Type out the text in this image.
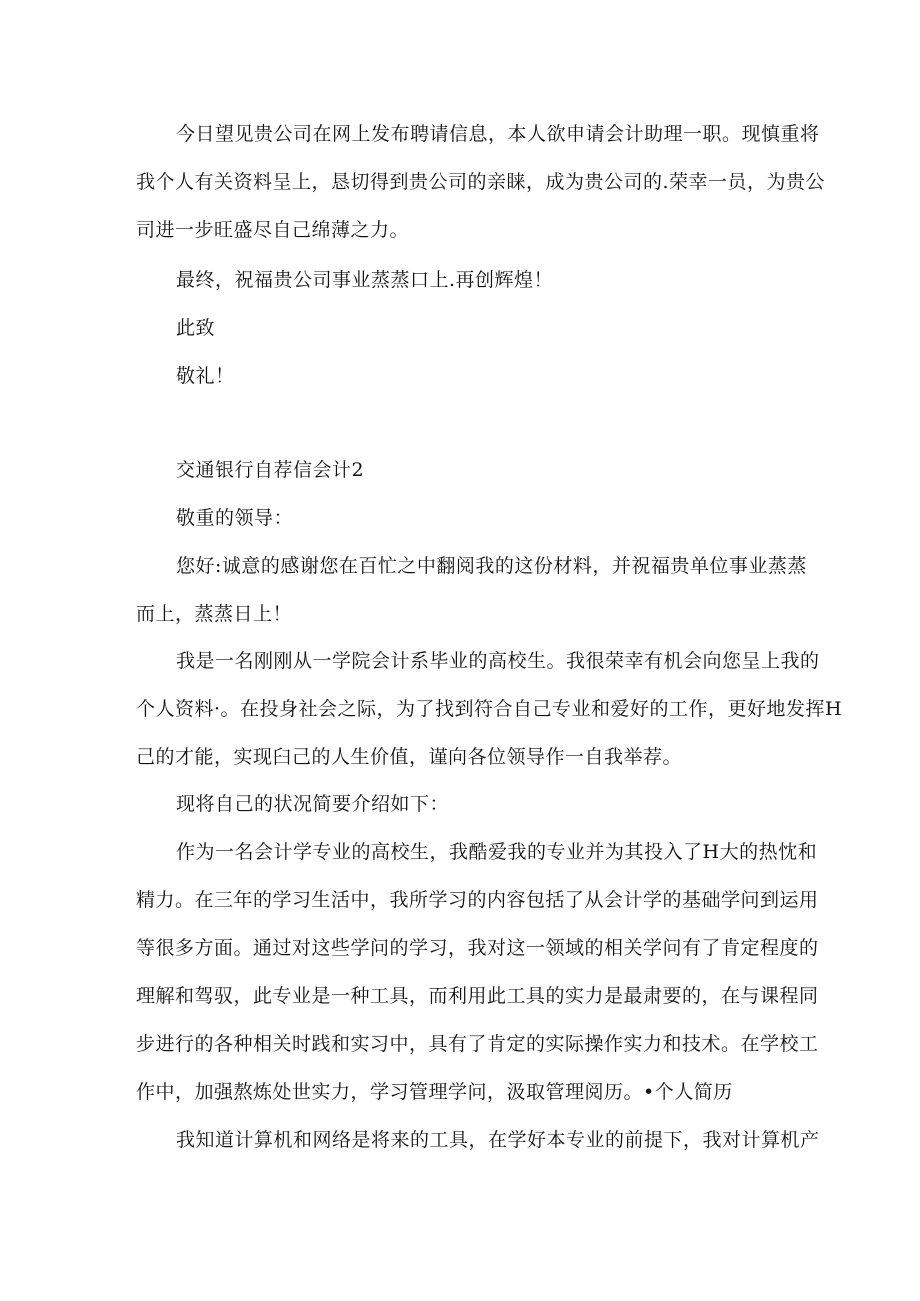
今日望见贵公司在网上发布聘请信息，本人欲申请会计助理一职。现慎重将
我个人有关资料呈上，恳切得到贵公司的亲睐，成为贵公司的.荣幸一员，为贵公
司进一步旺盛尽自己绵薄之力。
最终，祝福贵公司事业蒸蒸口上.再创辉煌！
此致
敬礼！
交通银行自荐信会计2
敬重的领导：
您好:诚意的感谢您在百忙之中翻阅我的这份材料，并祝福贵单位事业蒸蒸
而上，蒸蒸日上！
我是一名刚刚从一学院会计系毕业的高校生。我很荣幸有机会向您呈上我的
个人资料·。在投身社会之际，为了找到符合自己专业和爱好的工作，更好地发挥H
己的才能，实现臼己的人生价值，谨向各位领导作一自我举荐。
现将自己的状况简要介绍如下：
作为一名会计学专业的高校生，我酷爱我的专业并为其投入了H大的热忱和
精力。在三年的学习生活中，我所学习的内容包括了从会计学的基础学问到运用
等很多方面。通过对这些学问的学习，我对这一领域的相关学问有了肯定程度的
理解和驾驭，此专业是一种工具，而利用此工具的实力是最肃要的，在与课程同
步进行的各种相关时践和实习中，具有了肯定的实际操作实力和技术。在学校工
作中，加强熬炼处世实力，学习管理学问，汲取管理阅历。•个人简历
我知道计算机和网络是将来的工具，在学好本专业的前提下，我对计算机产
